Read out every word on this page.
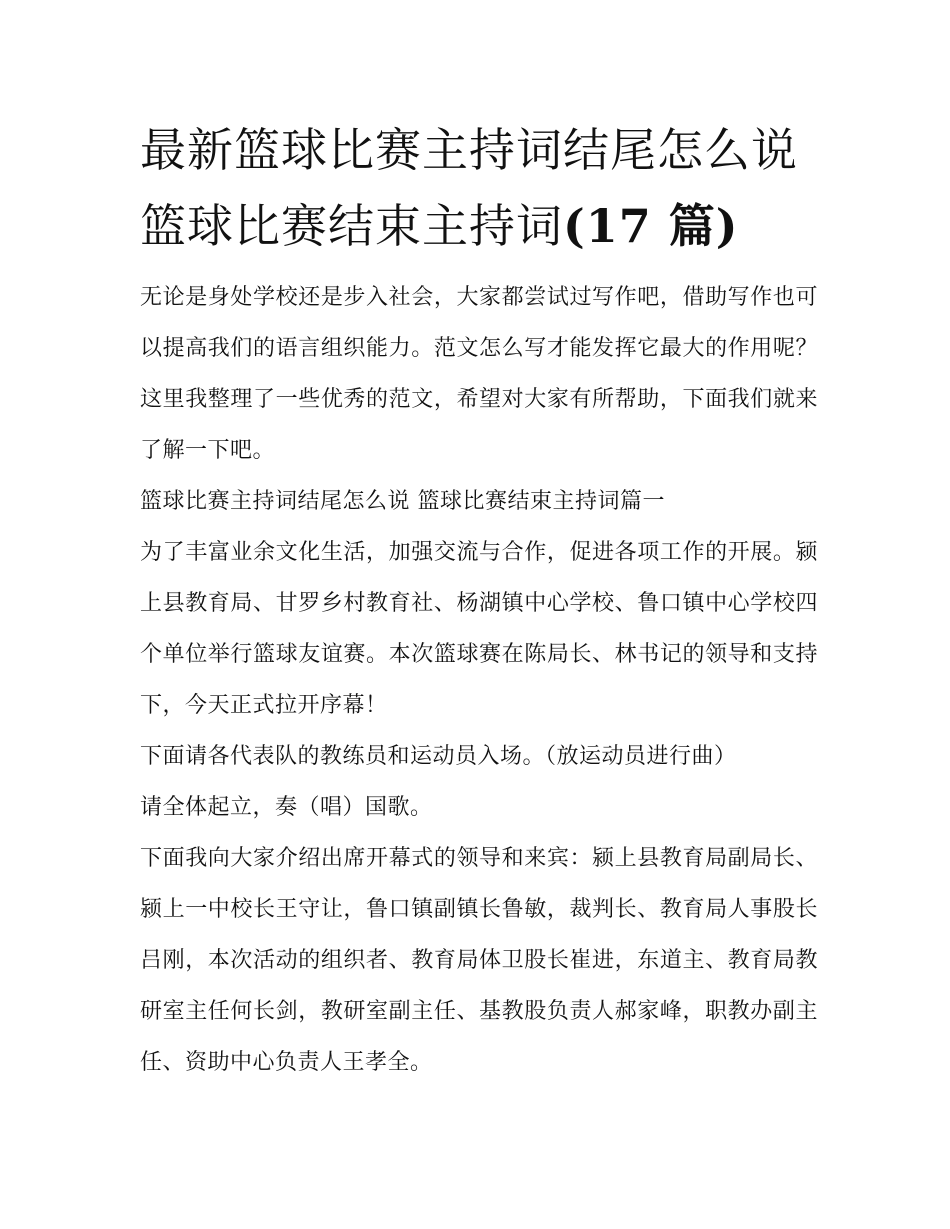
最新篮球比赛主持词结尾怎么说 篮球比赛结束主持词(17 篇)

无论是身处学校还是步入社会，大家都尝试过写作吧，借助写作也可以提高我们的语言组织能力。范文怎么写才能发挥它最大的作用呢？这里我整理了一些优秀的范文，希望对大家有所帮助，下面我们就来了解一下吧。

篮球比赛主持词结尾怎么说 篮球比赛结束主持词篇一

为了丰富业余文化生活，加强交流与合作，促进各项工作的开展。颍上县教育局、甘罗乡村教育社、杨湖镇中心学校、鲁口镇中心学校四个单位举行篮球友谊赛。本次篮球赛在陈局长、林书记的领导和支持下，今天正式拉开序幕！

下面请各代表队的教练员和运动员入场。（放运动员进行曲）

请全体起立，奏（唱）国歌。

下面我向大家介绍出席开幕式的领导和来宾：颍上县教育局副局长、颍上一中校长王守让，鲁口镇副镇长鲁敏，裁判长、教育局人事股长吕刚，本次活动的组织者、教育局体卫股长崔进，东道主、教育局教研室主任何长剑，教研室副主任、基教股负责人郝家峰，职教办副主任、资助中心负责人王孝全。
